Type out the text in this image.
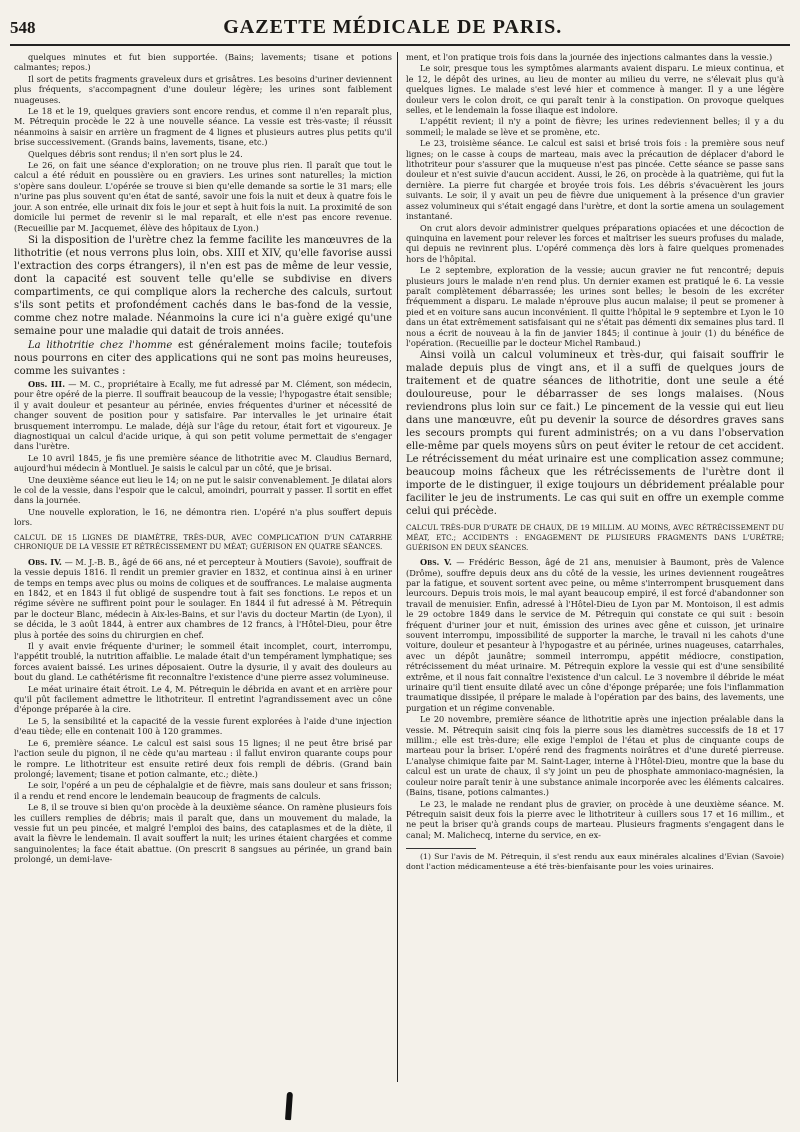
548	GAZETTE MÉDICALE DE PARIS.

quelques minutes et fut bien supportée. (Bains; lavements; tisane et potions calmantes; repos.)

Il sort de petits fragments graveleux durs et grisâtres. Les besoins d'uriner deviennent plus fréquents, s'accompagnent d'une douleur légère; les urines sont faiblement nuageuses.

Le 18 et le 19, quelques graviers sont encore rendus, et comme il n'en reparaît plus, M. Pétrequin procède le 22 à une nouvelle séance. La vessie est très-vaste; il réussit néanmoins à saisir en arrière un fragment de 4 lignes et plusieurs autres plus petits qu'il brise successivement. (Grands bains, lavements, tisane, etc.)

Quelques débris sont rendus; il n'en sort plus le 24.

Le 26, on fait une séance d'exploration; on ne trouve plus rien. Il paraît que tout le calcul a été réduit en poussière ou en graviers. Les urines sont naturelles; la miction s'opère sans douleur. L'opérée se trouve si bien qu'elle demande sa sortie le 31 mars; elle n'urine pas plus souvent qu'en état de santé, savoir une fois la nuit et deux à quatre fois le jour. A son entrée, elle urinait dix fois le jour et sept à huit fois la nuit. La proximité de son domicile lui permet de revenir si le mal reparaît, et elle n'est pas encore revenue. (Recueillie par M. Jacquemet, élève des hôpitaux de Lyon.)

Si la disposition de l'urètre chez la femme facilite les manœuvres de la lithotritie (et nous verrons plus loin, obs. XIII et XIV, qu'elle favorise aussi l'extraction des corps étrangers), il n'en est pas de même de leur vessie, dont la capacité est souvent telle qu'elle se subdivise en divers compartiments, ce qui complique alors la recherche des calculs, surtout s'ils sont petits et profondément cachés dans le bas-fond de la vessie, comme chez notre malade. Néanmoins la cure ici n'a guère exigé qu'une semaine pour une maladie qui datait de trois années.

La lithotritie chez l'homme est généralement moins facile; toutefois nous pourrons en citer des applications qui ne sont pas moins heureuses, comme les suivantes :

Obs. III. — M. C., propriétaire à Ecally, me fut adressé par M. Clément, son médecin, pour être opéré de la pierre. Il souffrait beaucoup de la vessie; l'hypogastre était sensible; il y avait douleur et pesanteur au périnée, envies fréquentes d'uriner et nécessité de changer souvent de position pour y satisfaire. Par intervalles le jet urinaire était brusquement interrompu. Le malade, déjà sur l'âge du retour, était fort et vigoureux. Je diagnostiquai un calcul d'acide urique, à qui son petit volume permettait de s'engager dans l'urètre.

Le 10 avril 1845, je fis une première séance de lithotritie avec M. Claudius Bernard, aujourd'hui médecin à Montluel. Je saisis le calcul par un côté, que je brisai.

Une deuxième séance eut lieu le 14; on ne put le saisir convenablement. Je dilatai alors le col de la vessie, dans l'espoir que le calcul, amoindri, pourrait y passer. Il sortit en effet dans la journée.

Une nouvelle exploration, le 16, ne démontra rien. L'opéré n'a plus souffert depuis lors.

CALCUL DE 15 LIGNES DE DIAMÈTRE, TRÈS-DUR, AVEC COMPLICATION D'UN CATARRHE CHRONIQUE DE LA VESSIE ET RÉTRÉCISSEMENT DU MÉAT; GUÉRISON EN QUATRE SÉANCES.

Obs. IV. — M. J.-B. B., âgé de 66 ans, né et percepteur à Moutiers (Savoie), souffrait de la vessie depuis 1816. Il rendit un premier gravier en 1832, et continua ainsi à en uriner de temps en temps avec plus ou moins de coliques et de souffrances. Le malaise augmenta en 1842, et en 1843 il fut obligé de suspendre tout à fait ses fonctions. Le repos et un régime sévère ne suffirent point pour le soulager. En 1844 il fut adressé à M. Pétrequin par le docteur Blanc, médecin à Aix-les-Bains, et sur l'avis du docteur Martin (de Lyon), il se décida, le 3 août 1844, à entrer aux chambres de 12 francs, à l'Hôtel-Dieu, pour être plus à portée des soins du chirurgien en chef.

Il y avait envie fréquente d'uriner; le sommeil était incomplet, court, interrompu, l'appétit troublé, la nutrition affaiblie. Le malade était d'un tempérament lymphatique; ses forces avaient baissé. Les urines déposaient. Outre la dysurie, il y avait des douleurs au bout du gland. Le cathétérisme fit reconnaître l'existence d'une pierre assez volumineuse.

Le méat urinaire était étroit. Le 4, M. Pétrequin le débrida en avant et en arrière pour qu'il pût facilement admettre le lithotriteur. Il entretint l'agrandissement avec un cône d'éponge préparée à la cire.

Le 5, la sensibilité et la capacité de la vessie furent explorées à l'aide d'une injection d'eau tiède; elle en contenait 100 à 120 grammes.

Le 6, première séance. Le calcul est saisi sous 15 lignes; il ne peut être brisé par l'action seule du pignon, il ne cède qu'au marteau : il fallut environ quarante coups pour le rompre. Le lithotriteur est ensuite retiré deux fois rempli de débris. (Grand bain prolongé; lavement; tisane et potion calmante, etc.; diète.)

Le soir, l'opéré a un peu de céphalalgie et de fièvre, mais sans douleur et sans frisson; il a rendu et rend encore le lendemain beaucoup de fragments de calculs.

Le 8, il se trouve si bien qu'on procède à la deuxième séance. On ramène plusieurs fois les cuillers remplies de débris; mais il paraît que, dans un mouvement du malade, la vessie fut un peu pincée, et malgré l'emploi des bains, des cataplasmes et de la diète, il avait la fièvre le lendemain. Il avait souffert la nuit; les urines étaient chargées et comme sanguinolentes; la face était abattue. (On prescrit 8 sangsues au périnée, un grand bain prolongé, un demi-lave-

ment, et l'on pratique trois fois dans la journée des injections calmantes dans la vessie.)

Le soir, presque tous les symptômes alarmants avaient disparu. Le mieux continua, et le 12, le dépôt des urines, au lieu de monter au milieu du verre, ne s'élevait plus qu'à quelques lignes. Le malade s'est levé hier et commence à manger. Il y a une légère douleur vers le colon droit, ce qui paraît tenir à la constipation. On provoque quelques selles, et le lendemain la fosse iliaque est indolore.

L'appétit revient; il n'y a point de fièvre; les urines redeviennent belles; il y a du sommeil; le malade se lève et se promène, etc.

Le 23, troisième séance. Le calcul est saisi et brisé trois fois : la première sous neuf lignes; on le casse à coups de marteau, mais avec la précaution de déplacer d'abord le lithotriteur pour s'assurer que la muqueuse n'est pas pincée. Cette séance se passe sans douleur et n'est suivie d'aucun accident. Aussi, le 26, on procède à la quatrième, qui fut la dernière. La pierre fut chargée et broyée trois fois. Les débris s'évacuèrent les jours suivants. Le soir, il y avait un peu de fièvre due uniquement à la présence d'un gravier assez volumineux qui s'était engagé dans l'urètre, et dont la sortie amena un soulagement instantané.

On crut alors devoir administrer quelques préparations opiacées et une décoction de quinquina en lavement pour relever les forces et maîtriser les sueurs profuses du malade, qui depuis ne revinrent plus. L'opéré commença dès lors à faire quelques promenades hors de l'hôpital.

Le 2 septembre, exploration de la vessie; aucun gravier ne fut rencontré; depuis plusieurs jours le malade n'en rend plus. Un dernier examen est pratiqué le 6. La vessie paraît complètement débarrassée; les urines sont belles; le besoin de les excréter fréquemment a disparu. Le malade n'éprouve plus aucun malaise; il peut se promener à pied et en voiture sans aucun inconvénient. Il quitte l'hôpital le 9 septembre et Lyon le 10 dans un état extrêmement satisfaisant qui ne s'était pas démenti dix semaines plus tard. Il nous a écrit de nouveau à la fin de janvier 1845; il continue à jouir (1) du bénéfice de l'opération. (Recueillie par le docteur Michel Rambaud.)

Ainsi voilà un calcul volumineux et très-dur, qui faisait souffrir le malade depuis plus de vingt ans, et il a suffi de quelques jours de traitement et de quatre séances de lithotritie, dont une seule a été douloureuse, pour le débarrasser de ses longs malaises. (Nous reviendrons plus loin sur ce fait.) Le pincement de la vessie qui eut lieu dans une manœuvre, eût pu devenir la source de désordres graves sans les secours prompts qui furent administrés; on a vu dans l'observation elle-même par quels moyens sûrs on peut éviter le retour de cet accident. Le rétrécissement du méat urinaire est une complication assez commune; beaucoup moins fâcheux que les rétrécissements de l'urètre dont il importe de le distinguer, il exige toujours un débridement préalable pour faciliter le jeu de instruments. Le cas qui suit en offre un exemple comme celui qui précède.

CALCUL TRÈS-DUR D'URATE DE CHAUX, DE 19 MILLIM. AU MOINS, AVEC RÉTRÉCISSEMENT DU MÉAT, ETC.; ACCIDENTS : ENGAGEMENT DE PLUSIEURS FRAGMENTS DANS L'URÈTRE; GUÉRISON EN DEUX SÉANCES.

Obs. V. — Frédéric Besson, âgé de 21 ans, menuisier à Baumont, près de Valence (Drôme), souffre depuis deux ans du côté de la vessie, les urines deviennent rougeâtres par la fatigue, et souvent sortent avec peine, ou même s'interrompent brusquement dans leurcours. Depuis trois mois, le mal ayant beaucoup empiré, il est forcé d'abandonner son travail de menuisier. Enfin, adressé à l'Hôtel-Dieu de Lyon par M. Montoison, il est admis le 29 octobre 1849 dans le service de M. Pétrequin qui constate ce qui suit : besoin fréquent d'uriner jour et nuit, émission des urines avec gêne et cuisson, jet urinaire souvent interrompu, impossibilité de supporter la marche, le travail ni les cahots d'une voiture, douleur et pesanteur à l'hypogastre et au périnée, urines nuageuses, catarrhales, avec un dépôt jaunâtre; sommeil interrompu, appétit médiocre, constipation, rétrécissement du méat urinaire. M. Pétrequin explore la vessie qui est d'une sensibilité extrême, et il nous fait connaître l'existence d'un calcul. Le 3 novembre il débride le méat urinaire qu'il tient ensuite dilaté avec un cône d'éponge préparée; une fois l'inflammation traumatique dissipée, il prépare le malade à l'opération par des bains, des lavements, une purgation et un régime convenable.

Le 20 novembre, première séance de lithotritie après une injection préalable dans la vessie. M. Pétrequin saisit cinq fois la pierre sous les diamètres successifs de 18 et 17 millim.; elle est très-dure; elle exige l'emploi de l'étau et plus de cinquante coups de marteau pour la briser. L'opéré rend des fragments noirâtres et d'une dureté pierreuse. L'analyse chimique faite par M. Saint-Lager, interne à l'Hôtel-Dieu, montre que la base du calcul est un urate de chaux, il s'y joint un peu de phosphate ammoniaco-magnésien, la couleur noire paraît tenir à une substance animale incorporée avec les éléments calcaires. (Bains, tisane, potions calmantes.)

Le 23, le malade ne rendant plus de gravier, on procède à une deuxième séance. M. Pétrequin saisit deux fois la pierre avec le lithotriteur à cuillers sous 17 et 16 millim., et ne peut la briser qu'à grands coups de marteau. Plusieurs fragments s'engagent dans le canal; M. Malichecq, interne du service, en ex-

(1) Sur l'avis de M. Pétrequin, il s'est rendu aux eaux minérales alcalines d'Evian (Savoie) dont l'action médicamenteuse a été très-bienfaisante pour les voies urinaires.
